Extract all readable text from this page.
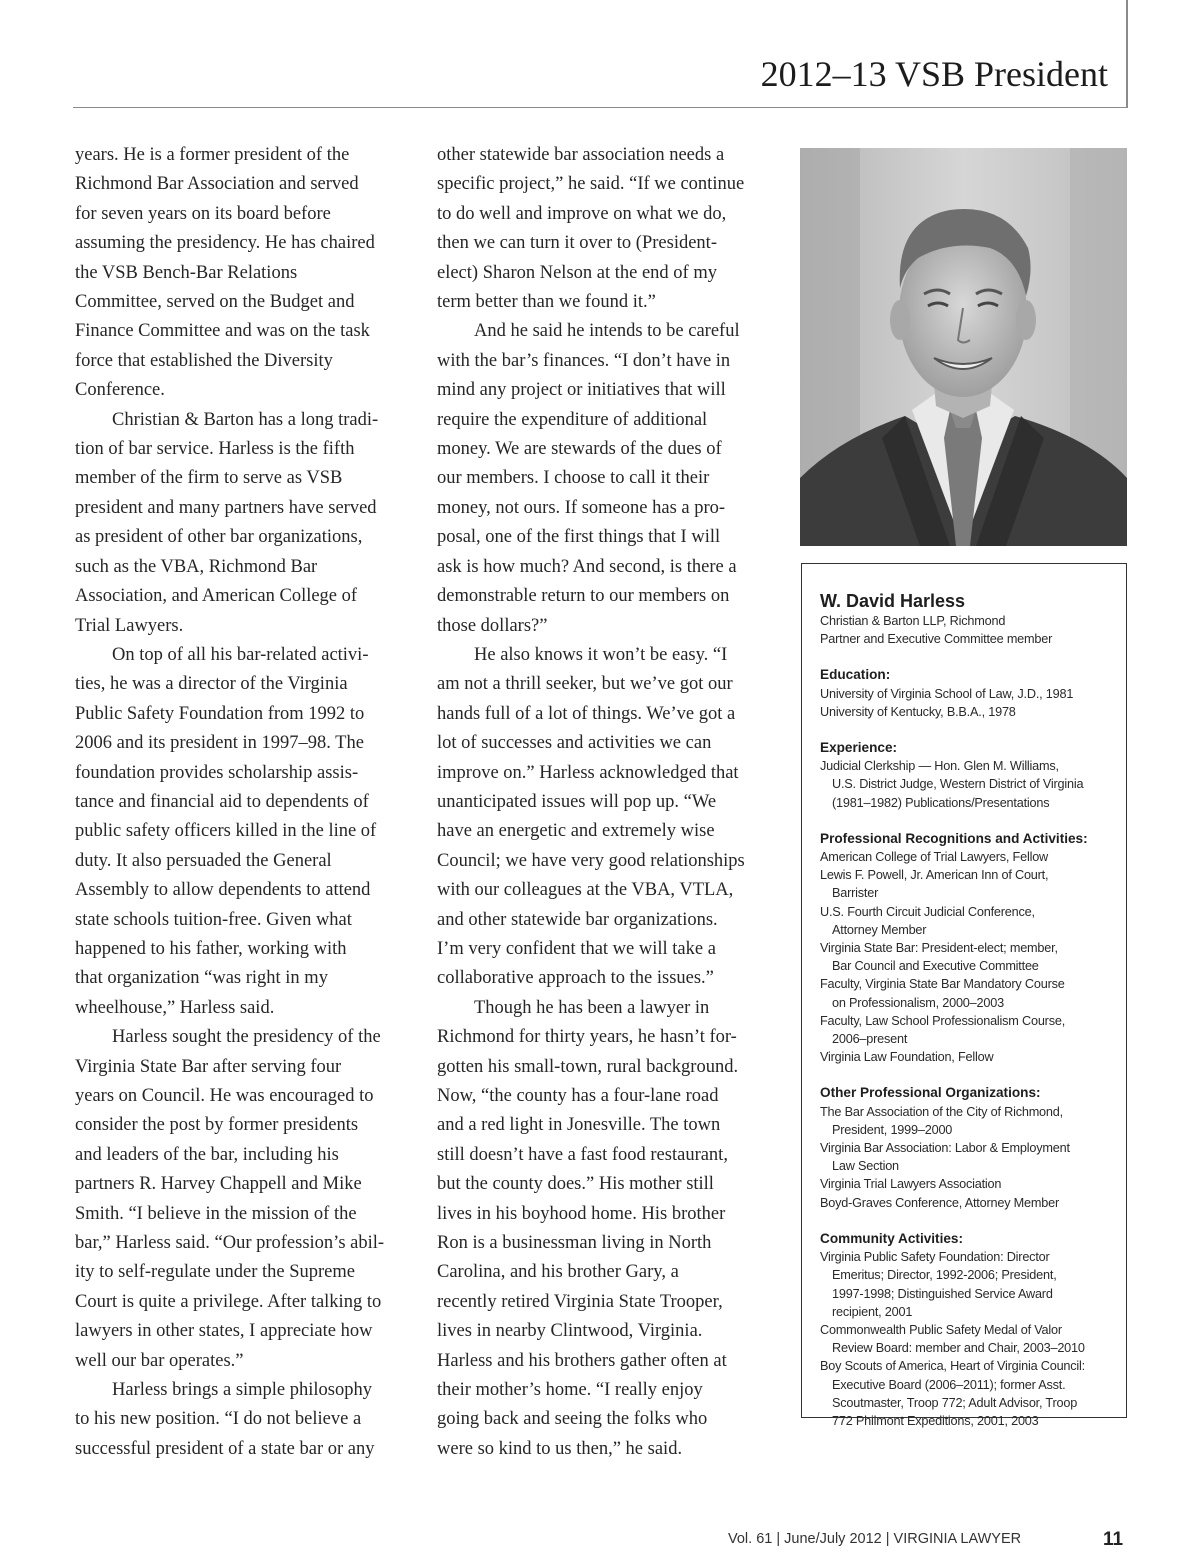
2012–13 VSB President

years. He is a former president of the
Richmond Bar Association and served
for seven years on its board before
assuming the presidency. He has chaired
the VSB Bench-Bar Relations
Committee, served on the Budget and
Finance Committee and was on the task
force that established the Diversity
Conference.

Christian & Barton has a long tradi-
tion of bar service. Harless is the fifth
member of the firm to serve as VSB
president and many partners have served
as president of other bar organizations,
such as the VBA, Richmond Bar
Association, and American College of
Trial Lawyers.

On top of all his bar-related activi-
ties, he was a director of the Virginia
Public Safety Foundation from 1992 to
2006 and its president in 1997–98. The
foundation provides scholarship assis-
tance and financial aid to dependents of
public safety officers killed in the line of
duty. It also persuaded the General
Assembly to allow dependents to attend
state schools tuition-free. Given what
happened to his father, working with
that organization “was right in my
wheelhouse,” Harless said.

Harless sought the presidency of the
Virginia State Bar after serving four
years on Council. He was encouraged to
consider the post by former presidents
and leaders of the bar, including his
partners R. Harvey Chappell and Mike
Smith. “I believe in the mission of the
bar,” Harless said. “Our profession’s abil-
ity to self-regulate under the Supreme
Court is quite a privilege. After talking to
lawyers in other states, I appreciate how
well our bar operates.”

Harless brings a simple philosophy
to his new position. “I do not believe a
successful president of a state bar or any

other statewide bar association needs a
specific project,” he said. “If we continue
to do well and improve on what we do,
then we can turn it over to (President-
elect) Sharon Nelson at the end of my
term better than we found it.”

And he said he intends to be careful
with the bar’s finances. “I don’t have in
mind any project or initiatives that will
require the expenditure of additional
money. We are stewards of the dues of
our members. I choose to call it their
money, not ours. If someone has a pro-
posal, one of the first things that I will
ask is how much? And second, is there a
demonstrable return to our members on
those dollars?”

He also knows it won’t be easy. “I
am not a thrill seeker, but we’ve got our
hands full of a lot of things. We’ve got a
lot of successes and activities we can
improve on.” Harless acknowledged that
unanticipated issues will pop up. “We
have an energetic and extremely wise
Council; we have very good relationships
with our colleagues at the VBA, VTLA,
and other statewide bar organizations.
I’m very confident that we will take a
collaborative approach to the issues.”

Though he has been a lawyer in
Richmond for thirty years, he hasn’t for-
gotten his small-town, rural background.
Now, “the county has a four-lane road
and a red light in Jonesville. The town
still doesn’t have a fast food restaurant,
but the county does.” His mother still
lives in his boyhood home. His brother
Ron is a businessman living in North
Carolina, and his brother Gary, a
recently retired Virginia State Trooper,
lives in nearby Clintwood, Virginia.
Harless and his brothers gather often at
their mother’s home. “I really enjoy
going back and seeing the folks who
were so kind to us then,” he said.

W. David Harless
Christian & Barton LLP, Richmond
Partner and Executive Committee member
Education:
University of Virginia School of Law, J.D., 1981
University of Kentucky, B.B.A., 1978
Experience:
Judicial Clerkship — Hon. Glen M. Williams,
U.S. District Judge, Western District of Virginia
(1981–1982) Publications/Presentations
Professional Recognitions and Activities:
American College of Trial Lawyers, Fellow
Lewis F. Powell, Jr. American Inn of Court,
Barrister
U.S. Fourth Circuit Judicial Conference,
Attorney Member
Virginia State Bar: President-elect; member,
Bar Council and Executive Committee
Faculty, Virginia State Bar Mandatory Course
on Professionalism, 2000–2003
Faculty, Law School Professionalism Course,
2006–present
Virginia Law Foundation, Fellow
Other Professional Organizations:
The Bar Association of the City of Richmond,
President, 1999–2000
Virginia Bar Association: Labor & Employment
Law Section
Virginia Trial Lawyers Association
Boyd-Graves Conference, Attorney Member
Community Activities:
Virginia Public Safety Foundation: Director
Emeritus; Director, 1992-2006; President,
1997-1998; Distinguished Service Award
recipient, 2001
Commonwealth Public Safety Medal of Valor
Review Board: member and Chair, 2003–2010
Boy Scouts of America, Heart of Virginia Council:
Executive Board (2006–2011); former Asst.
Scoutmaster, Troop 772; Adult Advisor, Troop
772 Philmont Expeditions, 2001, 2003
Vol. 61 | June/July 2012 | VIRGINIA LAWYER	11
